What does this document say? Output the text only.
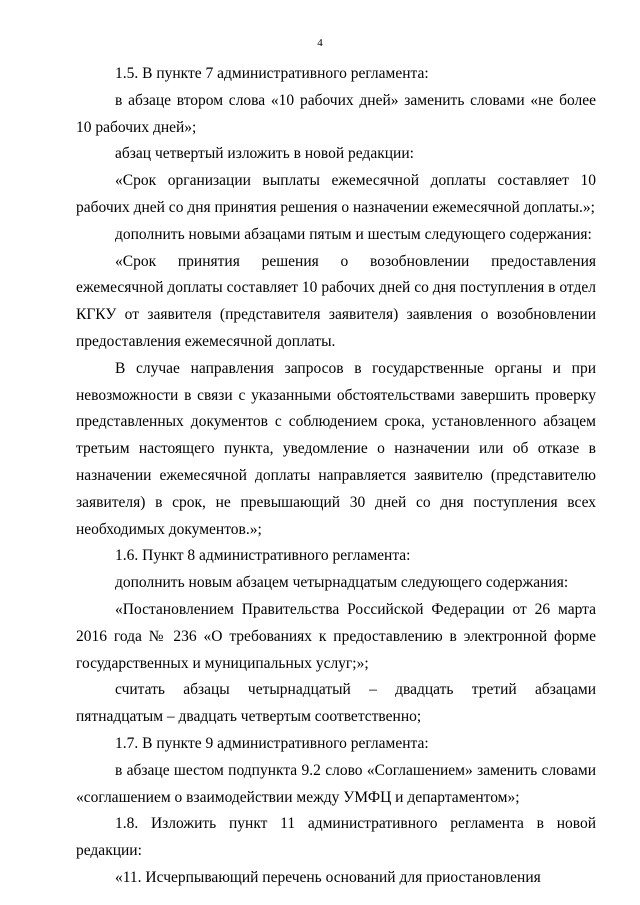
4

1.5. В пункте 7 административного регламента:

в абзаце втором слова «10 рабочих дней» заменить словами «не более 10 рабочих дней»;

абзац четвертый изложить в новой редакции:

«Срок организации выплаты ежемесячной доплаты составляет 10 рабочих дней со дня принятия решения о назначении ежемесячной доплаты.»;

дополнить новыми абзацами пятым и шестым следующего содержания:

«Срок принятия решения о возобновлении предоставления ежемесячной доплаты составляет 10 рабочих дней со дня поступления в отдел КГКУ от заявителя (представителя заявителя) заявления о возобновлении предоставления ежемесячной доплаты.

В случае направления запросов в государственные органы и при невозможности в связи с указанными обстоятельствами завершить проверку представленных документов с соблюдением срока, установленного абзацем третьим настоящего пункта, уведомление о назначении или об отказе в назначении ежемесячной доплаты направляется заявителю (представителю заявителя) в срок, не превышающий 30 дней со дня поступления всех необходимых документов.»;

1.6. Пункт 8 административного регламента:

дополнить новым абзацем четырнадцатым следующего содержания:

«Постановлением Правительства Российской Федерации от 26 марта 2016 года № 236 «О требованиях к предоставлению в электронной форме государственных и муниципальных услуг;»;

считать абзацы четырнадцатый – двадцать третий абзацами пятнадцатым – двадцать четвертым соответственно;

1.7. В пункте 9 административного регламента:

в абзаце шестом подпункта 9.2 слово «Соглашением» заменить словами «соглашением о взаимодействии между УМФЦ и департаментом»;

1.8. Изложить пункт 11 административного регламента в новой редакции:

«11. Исчерпывающий перечень оснований для приостановления
